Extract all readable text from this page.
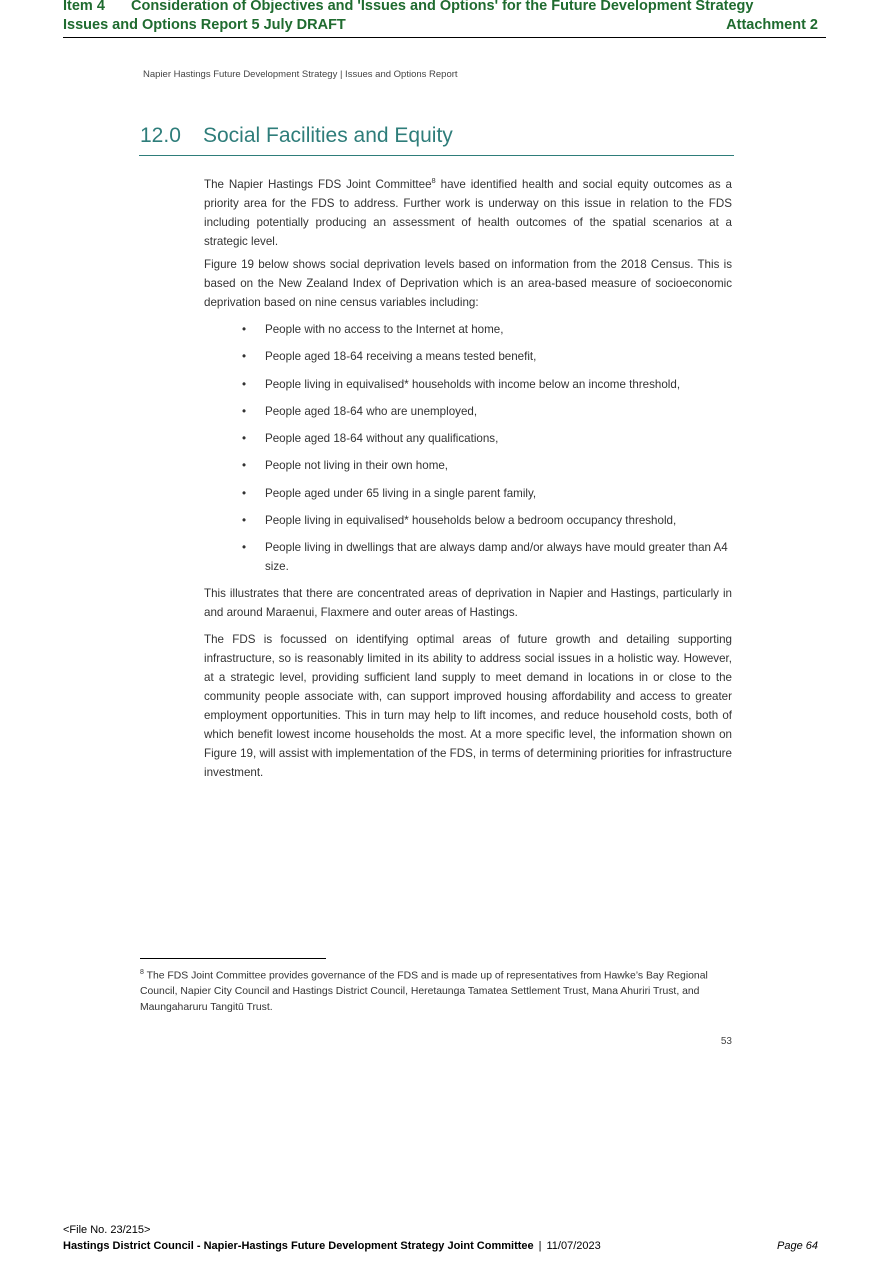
Item 4 Consideration of Objectives and 'Issues and Options' for the Future Development Strategy
Issues and Options Report 5 July DRAFT	Attachment 2
Napier Hastings Future Development Strategy | Issues and Options Report
12.0 Social Facilities and Equity

The Napier Hastings FDS Joint Committee$^8$ have identified health and social equity outcomes as a priority area for the FDS to address. Further work is underway on this issue in relation to the FDS including potentially producing an assessment of health outcomes of the spatial scenarios at a strategic level.

Figure 19 below shows social deprivation levels based on information from the 2018 Census. This is based on the New Zealand Index of Deprivation which is an area-based measure of socioeconomic deprivation based on nine census variables including:

• People with no access to the Internet at home,
• People aged 18-64 receiving a means tested benefit,
• People living in equivalised* households with income below an income threshold,
• People aged 18-64 who are unemployed,
• People aged 18-64 without any qualifications,
• People not living in their own home,
• People aged under 65 living in a single parent family,
• People living in equivalised* households below a bedroom occupancy threshold,
• People living in dwellings that are always damp and/or always have mould greater than A4 size.

This illustrates that there are concentrated areas of deprivation in Napier and Hastings, particularly in and around Maraenui, Flaxmere and outer areas of Hastings.

The FDS is focussed on identifying optimal areas of future growth and detailing supporting infrastructure, so is reasonably limited in its ability to address social issues in a holistic way. However, at a strategic level, providing sufficient land supply to meet demand in locations in or close to the community people associate with, can support improved housing affordability and access to greater employment opportunities. This in turn may help to lift incomes, and reduce household costs, both of which benefit lowest income households the most. At a more specific level, the information shown on Figure 19, will assist with implementation of the FDS, in terms of determining priorities for infrastructure investment.

$^8$ The FDS Joint Committee provides governance of the FDS and is made up of representatives from Hawke’s Bay Regional Council, Napier City Council and Hastings District Council, Heretaunga Tamatea Settlement Trust, Mana Ahuriri Trust, and Maungaharuru Tangitū Trust.

53
<File No. 23/215>
Hastings District Council - Napier-Hastings Future Development Strategy Joint Committee | 11/07/2023	Page 64
